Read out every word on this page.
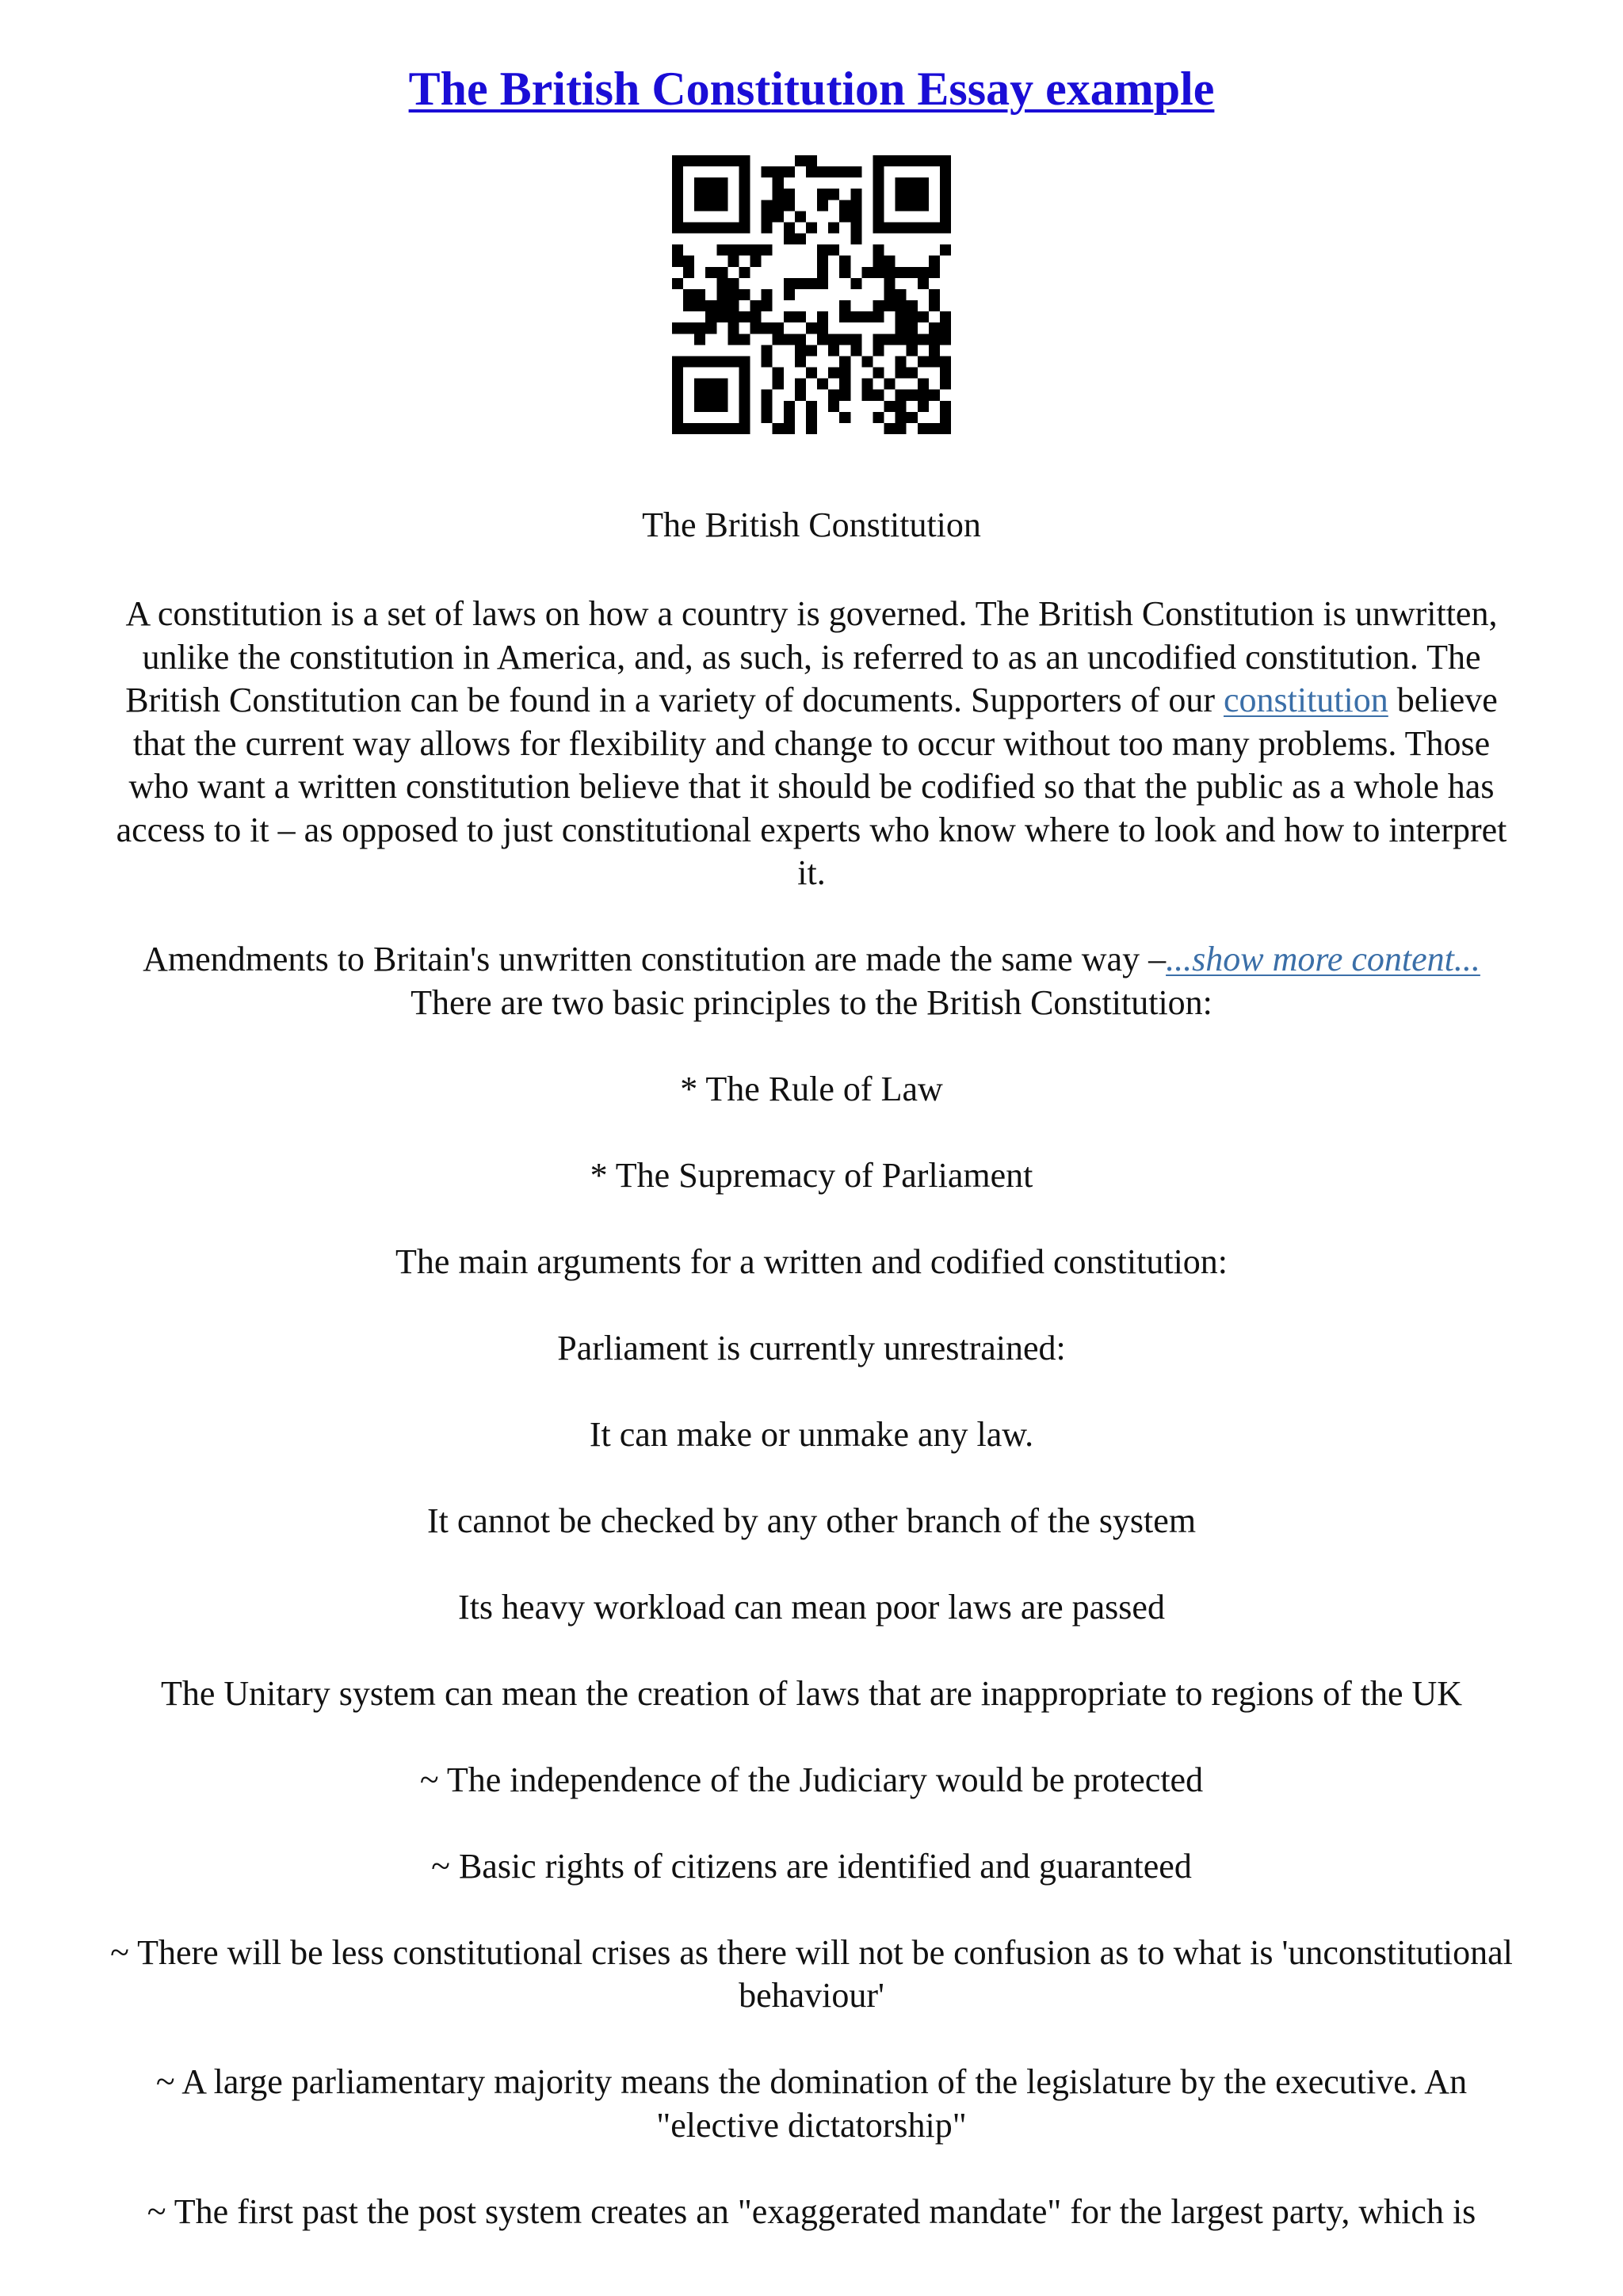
The British Constitution Essay example
The British Constitution
A constitution is a set of laws on how a country is governed. The British Constitution is unwritten,
unlike the constitution in America, and, as such, is referred to as an uncodified constitution. The
British Constitution can be found in a variety of documents. Supporters of our constitution believe
that the current way allows for flexibility and change to occur without too many problems. Those
who want a written constitution believe that it should be codified so that the public as a whole has
access to it – as opposed to just constitutional experts who know where to look and how to interpret
it.
Amendments to Britain's unwritten constitution are made the same way –...show more content...
There are two basic principles to the British Constitution:
* The Rule of Law
* The Supremacy of Parliament
The main arguments for a written and codified constitution:
Parliament is currently unrestrained:
It can make or unmake any law.
It cannot be checked by any other branch of the system
Its heavy workload can mean poor laws are passed
The Unitary system can mean the creation of laws that are inappropriate to regions of the UK
~ The independence of the Judiciary would be protected
~ Basic rights of citizens are identified and guaranteed
~ There will be less constitutional crises as there will not be confusion as to what is 'unconstitutional
behaviour'
~ A large parliamentary majority means the domination of the legislature by the executive. An
"elective dictatorship"
~ The first past the post system creates an "exaggerated mandate" for the largest party, which is
